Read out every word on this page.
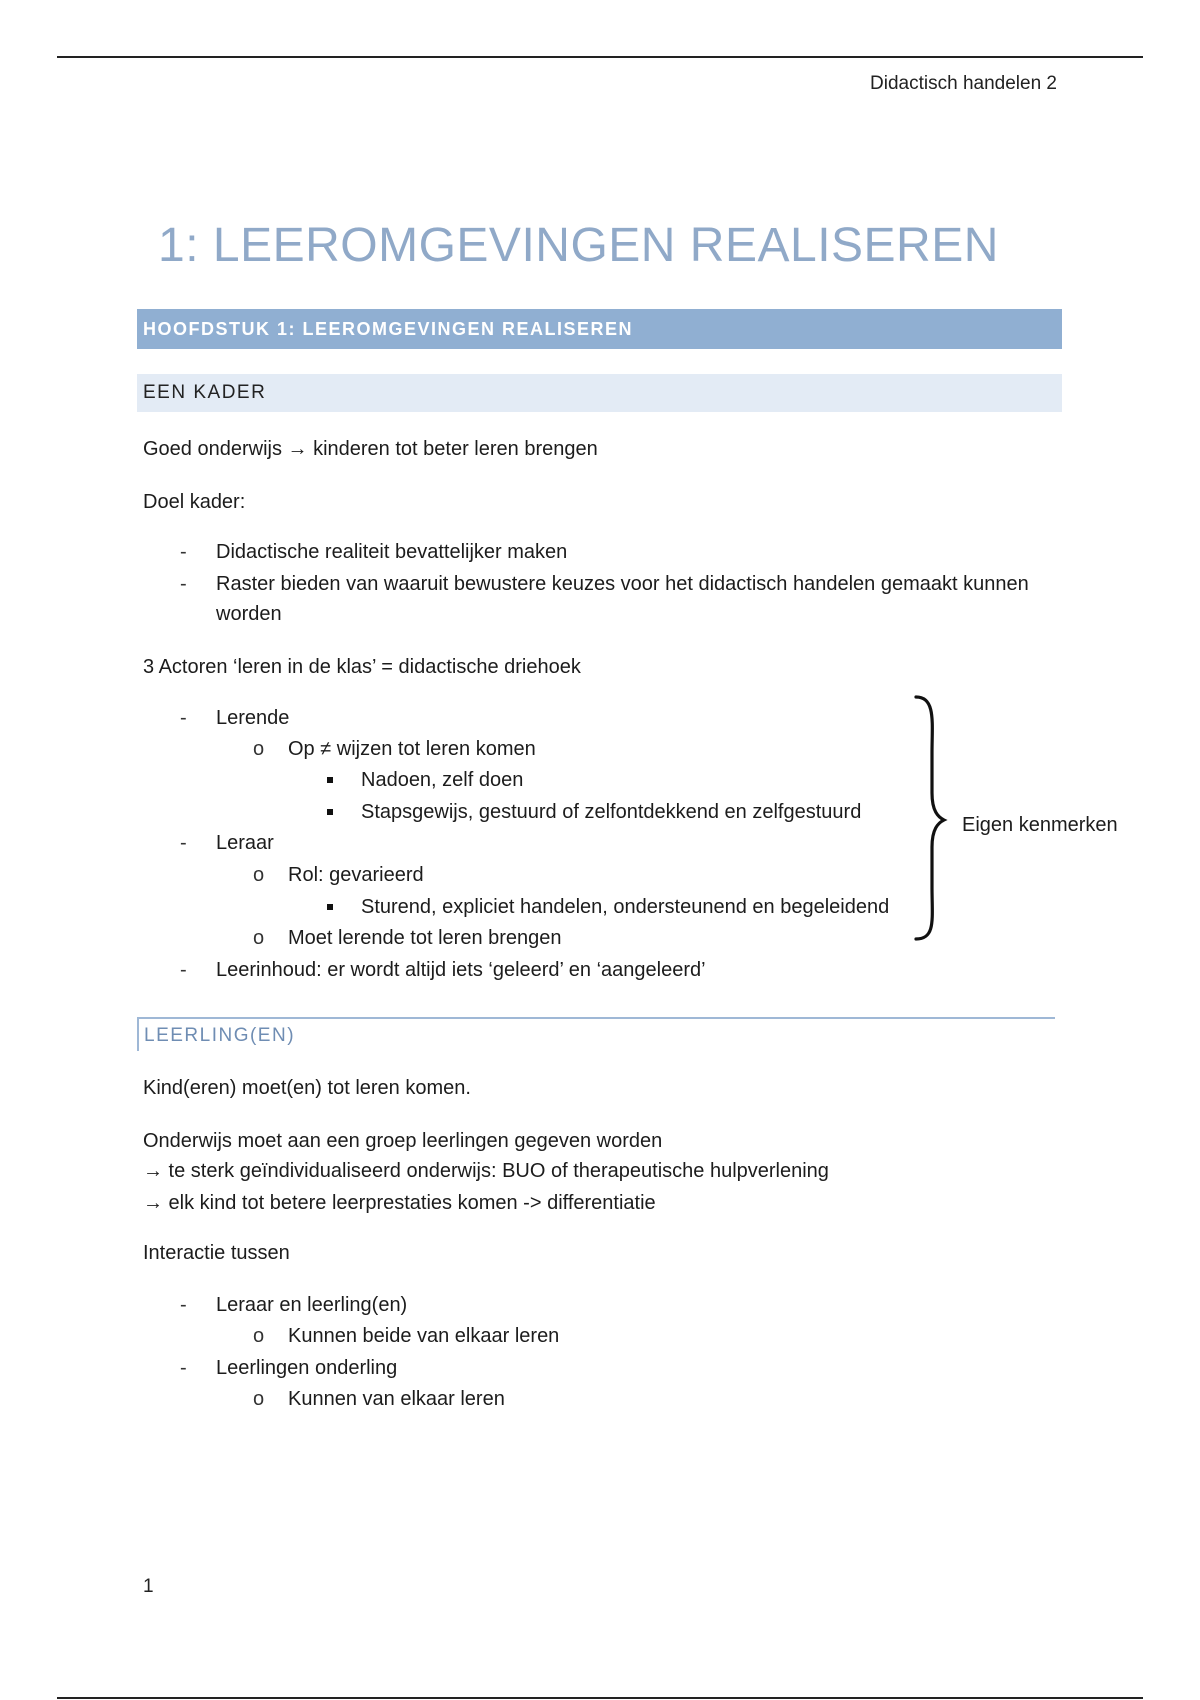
Didactisch handelen 2
1: LEEROMGEVINGEN REALISEREN
HOOFDSTUK 1: LEEROMGEVINGEN REALISEREN
EEN KADER
Goed onderwijs → kinderen tot beter leren brengen
Doel kader:
- Didactische realiteit bevattelijker maken
- Raster bieden van waaruit bewustere keuzes voor het didactisch handelen gemaakt kunnen
worden
3 Actoren ‘leren in de klas’ = didactische driehoek
- Lerende
o Op ≠ wijzen tot leren komen
Nadoen, zelf doen
Stapsgewijs, gestuurd of zelfontdekkend en zelfgestuurd
- Leraar
o Rol: gevarieerd
Sturend, expliciet handelen, ondersteunend en begeleidend
o Moet lerende tot leren brengen
- Leerinhoud: er wordt altijd iets ‘geleerd’ en ‘aangeleerd’
Eigen kenmerken
LEERLING(EN)
Kind(eren) moet(en) tot leren komen.
Onderwijs moet aan een groep leerlingen gegeven worden
→ te sterk geïndividualiseerd onderwijs: BUO of therapeutische hulpverlening
→ elk kind tot betere leerprestaties komen -> differentiatie
Interactie tussen
- Leraar en leerling(en)
o Kunnen beide van elkaar leren
- Leerlingen onderling
o Kunnen van elkaar leren
1
